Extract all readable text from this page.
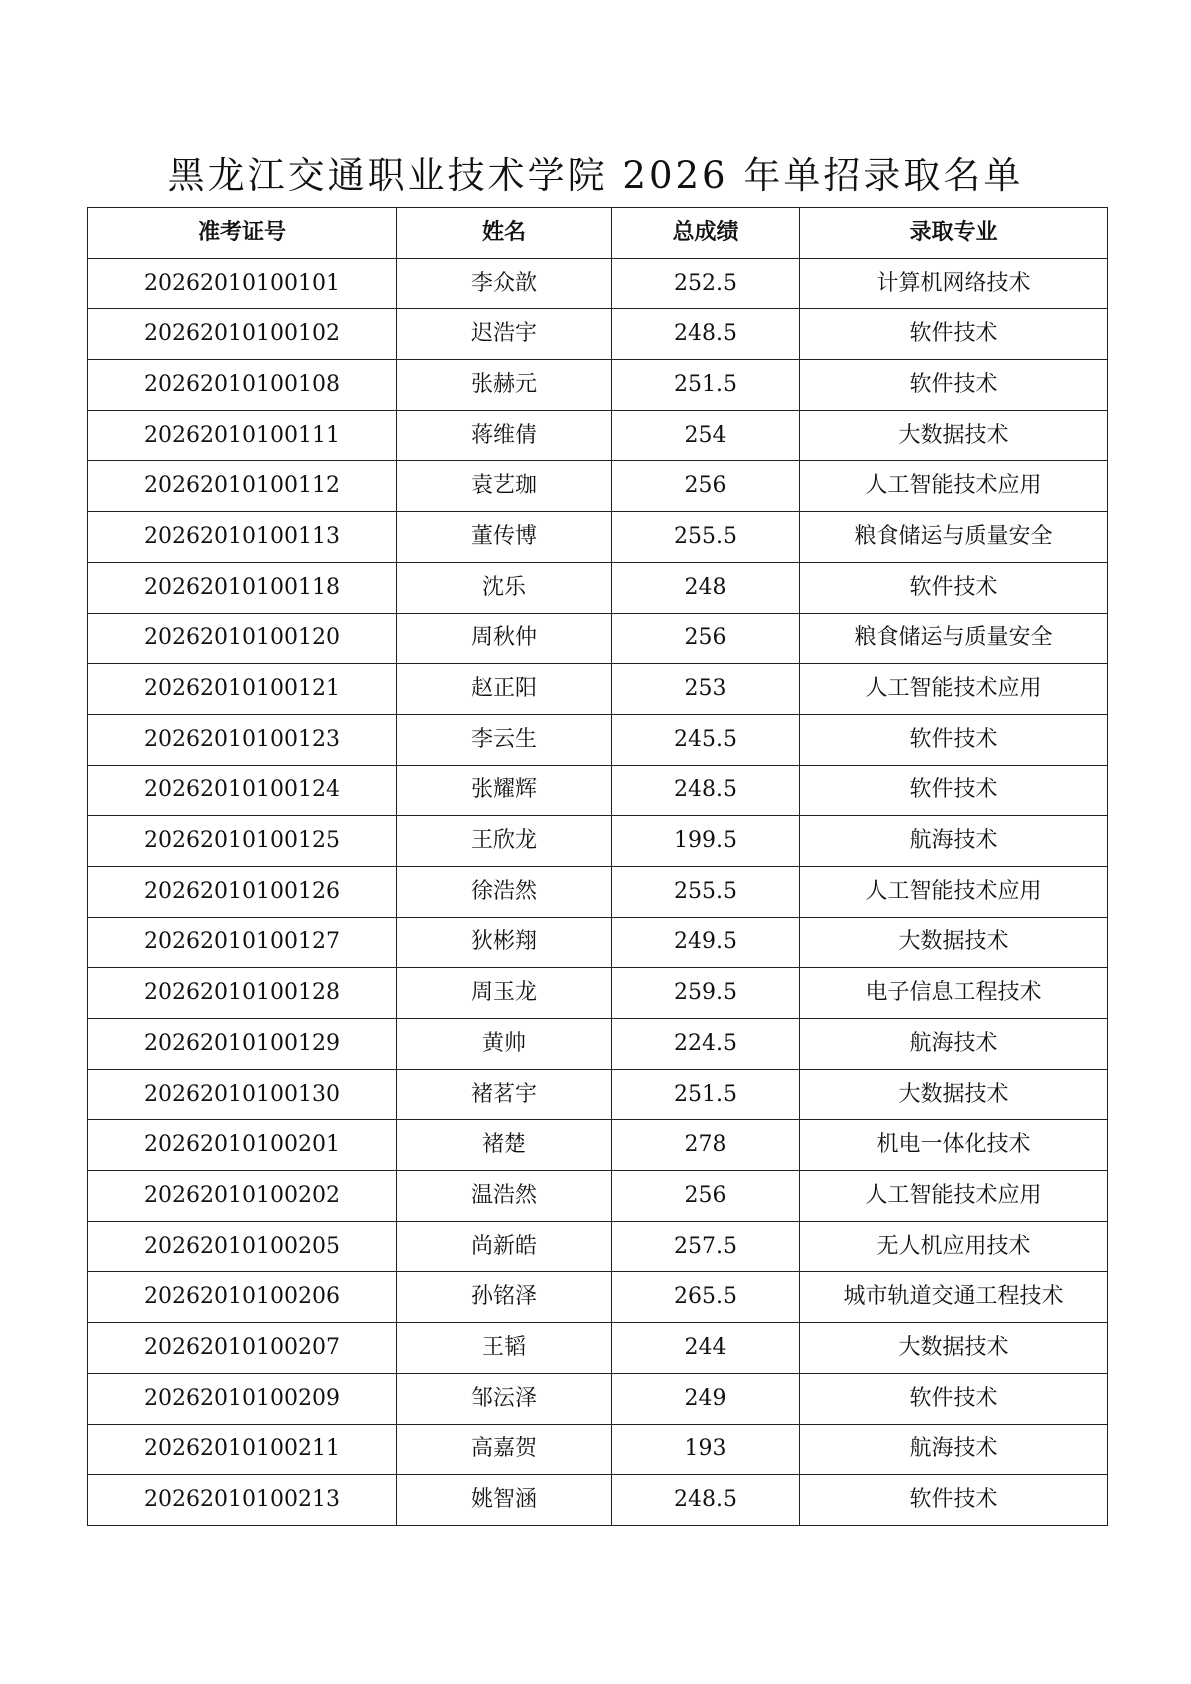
黑龙江交通职业技术学院 2026 年单招录取名单
准考证号	姓名	总成绩	录取专业
20262010100101	李众歆	252.5	计算机网络技术
20262010100102	迟浩宇	248.5	软件技术
20262010100108	张赫元	251.5	软件技术
20262010100111	蒋维倩	254	大数据技术
20262010100112	袁艺珈	256	人工智能技术应用
20262010100113	董传博	255.5	粮食储运与质量安全
20262010100118	沈乐	248	软件技术
20262010100120	周秋仲	256	粮食储运与质量安全
20262010100121	赵正阳	253	人工智能技术应用
20262010100123	李云生	245.5	软件技术
20262010100124	张耀辉	248.5	软件技术
20262010100125	王欣龙	199.5	航海技术
20262010100126	徐浩然	255.5	人工智能技术应用
20262010100127	狄彬翔	249.5	大数据技术
20262010100128	周玉龙	259.5	电子信息工程技术
20262010100129	黄帅	224.5	航海技术
20262010100130	褚茗宇	251.5	大数据技术
20262010100201	褚楚	278	机电一体化技术
20262010100202	温浩然	256	人工智能技术应用
20262010100205	尚新皓	257.5	无人机应用技术
20262010100206	孙铭泽	265.5	城市轨道交通工程技术
20262010100207	王韬	244	大数据技术
20262010100209	邹沄泽	249	软件技术
20262010100211	高嘉贺	193	航海技术
20262010100213	姚智涵	248.5	软件技术
